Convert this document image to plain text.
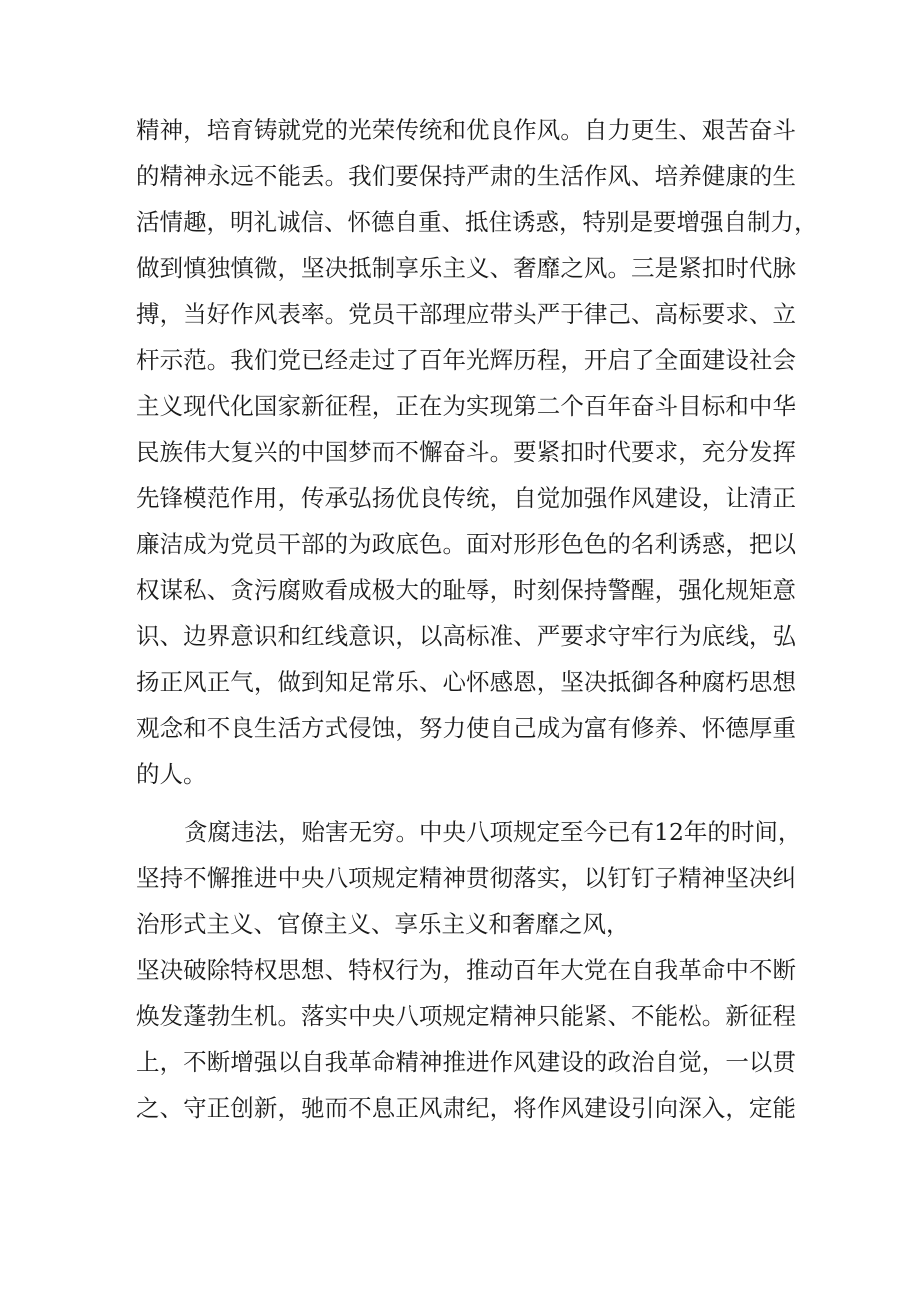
精神，培育铸就党的光荣传统和优良作风。自力更生、艰苦奋斗
的精神永远不能丢。我们要保持严肃的生活作风、培养健康的生
活情趣，明礼诚信、怀德自重、抵住诱惑，特别是要增强自制力，
做到慎独慎微，坚决抵制享乐主义、奢靡之风。三是紧扣时代脉
搏，当好作风表率。党员干部理应带头严于律己、高标要求、立
杆示范。我们党已经走过了百年光辉历程，开启了全面建设社会
主义现代化国家新征程，正在为实现第二个百年奋斗目标和中华
民族伟大复兴的中国梦而不懈奋斗。要紧扣时代要求，充分发挥
先锋模范作用，传承弘扬优良传统，自觉加强作风建设，让清正
廉洁成为党员干部的为政底色。面对形形色色的名利诱惑，把以
权谋私、贪污腐败看成极大的耻辱，时刻保持警醒，强化规矩意
识、边界意识和红线意识，以高标准、严要求守牢行为底线，弘
扬正风正气，做到知足常乐、心怀感恩，坚决抵御各种腐朽思想
观念和不良生活方式侵蚀，努力使自己成为富有修养、怀德厚重
的人。
贪腐违法，贻害无穷。中央八项规定至今已有12年的时间，
坚持不懈推进中央八项规定精神贯彻落实，以钉钉子精神坚决纠
治形式主义、官僚主义、享乐主义和奢靡之风，
坚决破除特权思想、特权行为，推动百年大党在自我革命中不断
焕发蓬勃生机。落实中央八项规定精神只能紧、不能松。新征程
上，不断增强以自我革命精神推进作风建设的政治自觉，一以贯
之、守正创新，驰而不息正风肃纪，将作风建设引向深入，定能
